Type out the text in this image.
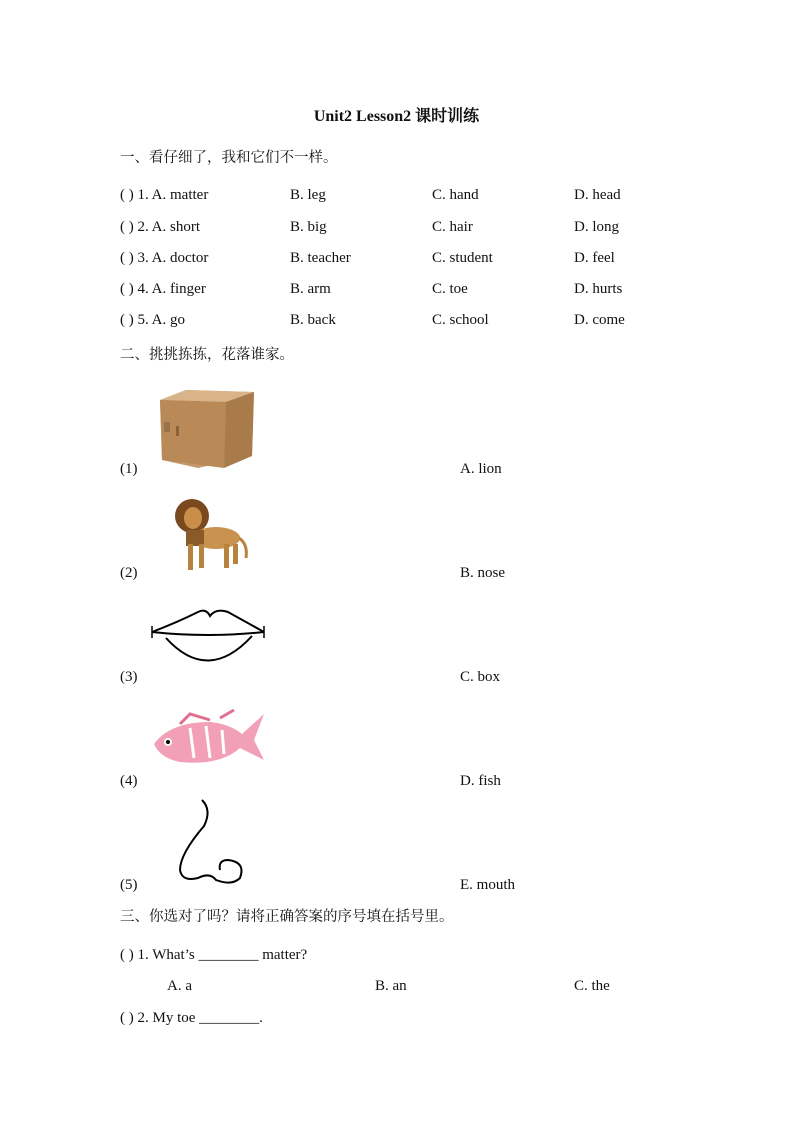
Unit2 Lesson2 课时训练
一、看仔细了，我和它们不一样。
( ) 1. A. matter	B. leg	C. hand	D. head
( ) 2. A. short	B. big	C. hair	D. long
( ) 3. A. doctor	B. teacher	C. student	D. feel
( ) 4. A. finger	B. arm	C. toe	D. hurts
( ) 5. A. go	B. back	C. school	D. come
二、挑挑拣拣，花落谁家。
(1)	A. lion
(2)	B. nose
(3)	C. box
(4)	D. fish
(5)	E. mouth
三、你选对了吗？请将正确答案的序号填在括号里。
( ) 1. What’s ________ matter?
A. a	B. an	C. the
( ) 2. My toe ________.
